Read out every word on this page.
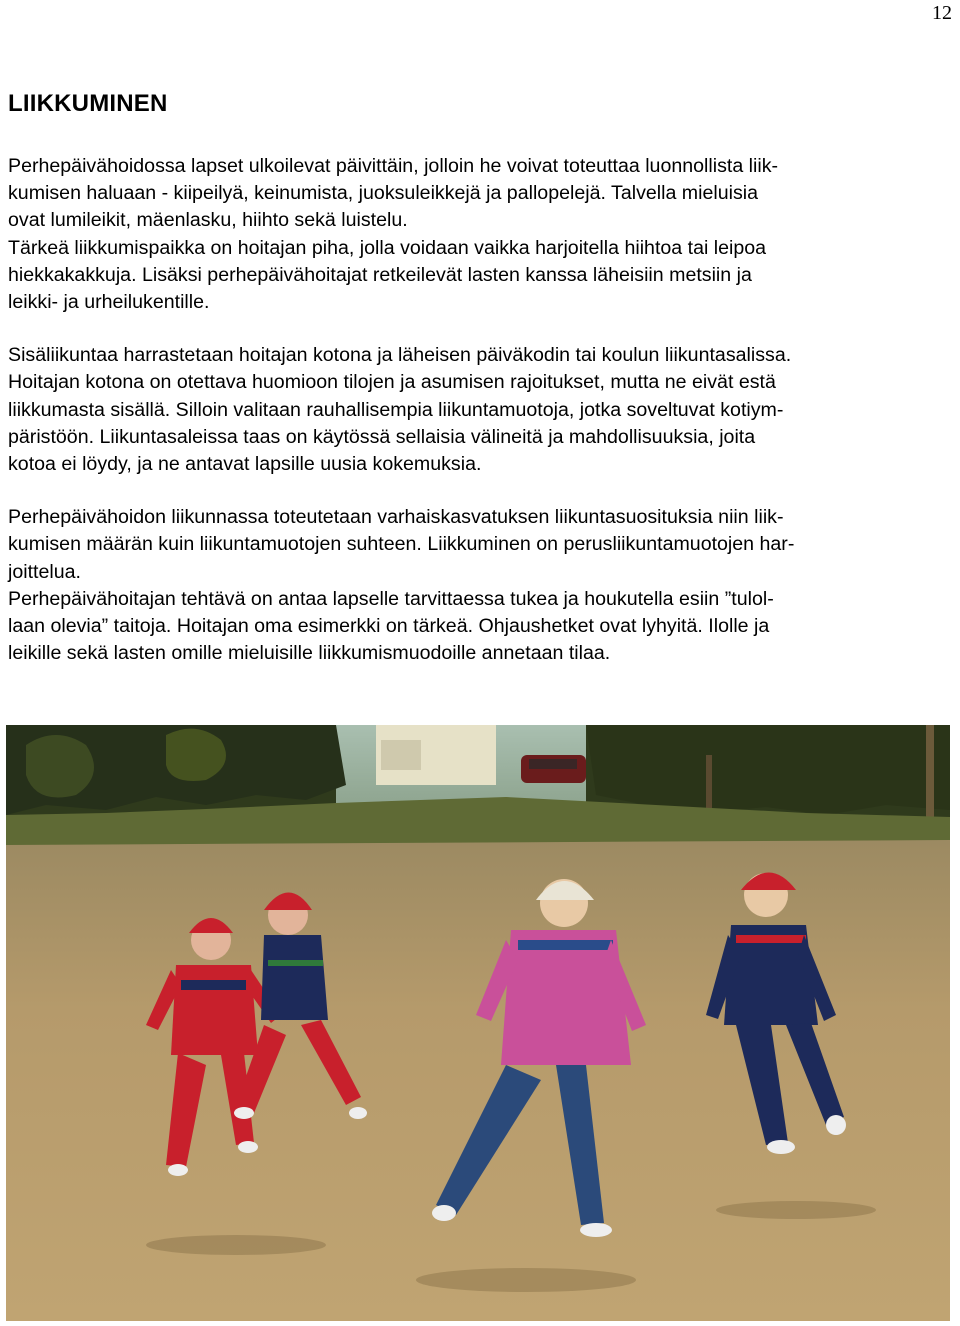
12
LIIKKUMINEN

Perhepäivähoidossa lapset ulkoilevat päivittäin, jolloin he voivat toteuttaa luonnollista liik-
kumisen haluaan - kiipeilyä, keinumista, juoksuleikkejä ja pallopelejä. Talvella mieluisia
ovat lumileikit, mäenlasku, hiihto sekä luistelu.
Tärkeä liikkumispaikka on hoitajan piha, jolla voidaan vaikka harjoitella hiihtoa tai leipoa
hiekkakakkuja. Lisäksi perhepäivähoitajat retkeilevät lasten kanssa läheisiin metsiin ja
leikki- ja urheilukentille.

Sisäliikuntaa harrastetaan hoitajan kotona ja läheisen päiväkodin tai koulun liikuntasalissa.
Hoitajan kotona on otettava huomioon tilojen ja asumisen rajoitukset, mutta ne eivät estä
liikkumasta sisällä. Silloin valitaan rauhallisempia liikuntamuotoja, jotka soveltuvat kotiym-
päristöön. Liikuntasaleissa taas on käytössä sellaisia välineitä ja mahdollisuuksia, joita
kotoa ei löydy, ja ne antavat lapsille uusia kokemuksia.

Perhepäivähoidon liikunnassa toteutetaan varhaiskasvatuksen liikuntasuosituksia niin liik-
kumisen määrän kuin liikuntamuotojen suhteen. Liikkuminen on perusliikuntamuotojen har-
joittelua.
Perhepäivähoitajan tehtävä on antaa lapselle tarvittaessa tukea ja houkutella esiin ”tulol-
laan olevia” taitoja. Hoitajan oma esimerkki on tärkeä. Ohjaushetket ovat lyhyitä. Ilolle ja
leikille sekä lasten omille mieluisille liikkumismuodoille annetaan tilaa.
